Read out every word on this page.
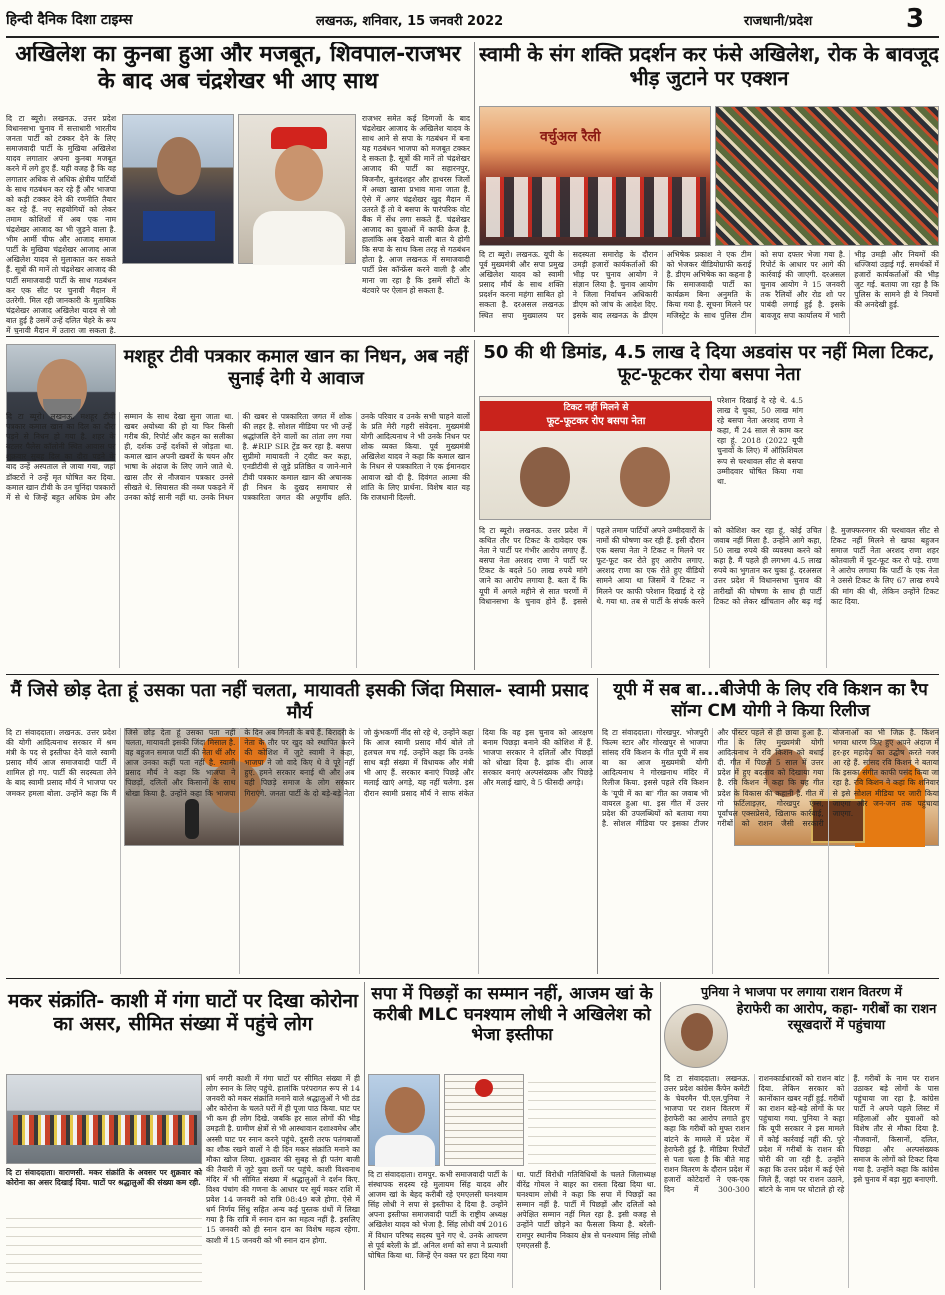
हिन्दी दैनिक दिशा टाइम्स	लखनऊ, शनिवार, 15 जनवरी 2022	राजधानी/प्रदेश	3
अखिलेश का कुनबा हुआ और मजबूत, शिवपाल-राजभर के बाद अब चंद्रशेखर भी आए साथ
दि टा ब्यूरो। लखनऊ. उत्तर प्रदेश विधानसभा चुनाव में सत्ताधारी भारतीय जनता पार्टी को टक्कर देने के लिए समाजवादी पार्टी के मुखिया अखिलेश यादव लगातार अपना कुनबा मजबूत करने में लगे हुए हैं. यही वजह है कि वह लगातार अधिक से अधिक क्षेत्रीय पार्टियों के साथ गठबंधन कर रहे हैं और भाजपा को कड़ी टक्कर देने की रणनीति तैयार कर रहे हैं. नए सहयोगियों को लेकर तमाम कोशिशों में अब एक नाम चंद्रशेखर आजाद का भी जुड़ने वाला है. भीम आर्मी चीफ और आजाद समाज पार्टी के मुखिया चंद्रशेखर आजाद आज अखिलेश यादव से मुलाकात कर सकते हैं. सूत्रों की मानें तो चंद्रशेखर आजाद की पार्टी समाजवादी पार्टी के साथ गठबंधन कर एक सीट पर चुनावी मैदान में उतरेगी. मिल रही जानकारी के मुताबिक चंद्रशेखर आजाद अखिलेश यादव से जो बात हुई है उसमें उन्हें दलित चेहरे के रूप में चुनावी मैदान में उतारा जा सकता है.
राजभर समेत कई दिग्गजों के बाद चंद्रशेखर आजाद के अखिलेश यादव के साथ आने से सपा के गठबंधन में बना यह गठबंधन भाजपा को मजबूत टक्कर दे सकता है. सूत्रों की मानें तो चंद्रशेखर आजाद की पार्टी का सहारनपुर, बिजनौर, बुलंदशहर और हाथरस जिलों में अच्छा खासा प्रभाव माना जाता है. ऐसे में अगर चंद्रशेखर खुद मैदान में उतरते हैं तो वे बसपा के पारंपरिक वोट बैंक में सेंध लगा सकते हैं. चंद्रशेखर आजाद का युवाओं में काफी क्रेज है. हालांकि अब देखने वाली बात ये होगी कि सपा के साथ किस तरह से गठबंधन होता है. आज लखनऊ में समाजवादी पार्टी प्रेस कॉन्फ्रेंस करने वाली है और माना जा रहा है कि इसमें सीटों के बंटवारे पर ऐलान हो सकता है.
स्वामी के संग शक्ति प्रदर्शन कर फंसे अखिलेश, रोक के बावजूद भीड़ जुटाने पर एक्शन
वर्चुअल रैली
दि टा ब्यूरो। लखनऊ. यूपी के पूर्व मुख्यमंत्री और सपा प्रमुख अखिलेश यादव को स्वामी प्रसाद मौर्य के साथ शक्ति प्रदर्शन करना महंगा साबित हो सकता है. दरअसल लखनऊ स्थित सपा मुख्यालय पर सदस्यता समारोह के दौरान उमड़ी हजारों कार्यकर्ताओं की भीड़ पर चुनाव आयोग ने संज्ञान लिया है. चुनाव आयोग ने जिला निर्वाचन अधिकारी डीएम को जांच के आदेश दिए. इसके बाद लखनऊ के डीएम अभिषेक प्रकाश ने एक टीम को भेजकर वीडियोग्राफी कराई है. डीएम अभिषेक का कहना है कि समाजवादी पार्टी का कार्यक्रम बिना अनुमति के किया गया है. सूचना मिलने पर मजिस्ट्रेट के साथ पुलिस टीम को सपा दफ्तर भेजा गया है. रिपोर्ट के आधार पर आगे की कार्रवाई की जाएगी. दरअसल चुनाव आयोग ने 15 जनवरी तक रैलियों और रोड शो पर पाबंदी लगाई हुई है. इसके बावजूद सपा कार्यालय में भारी भीड़ उमड़ी और नियमों की धज्जियां उड़ाई गईं. समर्थकों में हजारों कार्यकर्ताओं की भीड़ जुट गई. बताया जा रहा है कि पुलिस के सामने ही ये नियमों की अनदेखी हुई.
मशहूर टीवी पत्रकार कमाल खान का निधन, अब नहीं सुनाई देगी ये आवाज
दि टा ब्यूरो। लखनऊ. मशहूर टीवी पत्रकार कमाल खान का दिल का दौरा पड़ने से निधन हो गया है. शहर के बटलर पैलेस कॉलोनी स्थित आवास पर शुक्रवार सुबह दिल का दौरा पड़ने के बाद उन्हें अस्पताल ले जाया गया, जहां डॉक्टरों ने उन्हें मृत घोषित कर दिया. कमाल खान टीवी के उन चुनिंदा पत्रकारों में से थे जिन्हें बहुत अधिक प्रेम और सम्मान के साथ देखा सुना जाता था. खबर अयोध्या की हो या फिर किसी गरीब की, रिपोर्ट और कहन का सलीका ही, दर्शक उन्हें दर्शकों से जोड़ता था. कमाल खान अपनी खबरों के चयन और भाषा के अंदाज के लिए जाने जाते थे. खास तौर से नौजवान पत्रकार उनसे सीखते थे. सियासत की नब्ज पकड़ने में उनका कोई सानी नहीं था. उनके निधन की खबर से पत्रकारिता जगत में शोक की लहर है. सोशल मीडिया पर भी उन्हें श्रद्धांजलि देने वालों का तांता लग गया है. #RIP SIR ट्रेंड कर रहा है. बसपा सुप्रीमो मायावती ने ट्वीट कर कहा, एनडीटीवी से जुड़े प्रतिष्ठित व जाने-माने टीवी पत्रकार कमाल खान की अचानक ही निधन के दुखद समाचार से पत्रकारिता जगत की अपूर्णीय क्षति. उनके परिवार व उनके सभी चाहने वालों के प्रति मेरी गहरी संवेदना. मुख्यमंत्री योगी आदित्यनाथ ने भी उनके निधन पर शोक व्यक्त किया. पूर्व मुख्यमंत्री अखिलेश यादव ने कहा कि कमाल खान के निधन से पत्रकारिता ने एक ईमानदार आवाज खो दी है. दिवंगत आत्मा की शांति के लिए प्रार्थना. विशेष बात यह कि राजधानी दिल्ली.
50 की थी डिमांड, 4.5 लाख दे दिया अडवांस पर नहीं मिला टिकट, फूट-फूटकर रोया बसपा नेता
टिकट नहीं मिलने से
फूट-फूटकर रोए बसपा नेता
परेशान दिखाई दे रहे थे. 4.5 लाख दे चुका, 50 लाख मांग रहे बसपा नेता अरशद राणा ने कहा, मैं 24 साल से काम कर रहा हूं. 2018 (2022 यूपी चुनावों के लिए) में ऑफ़िशियल रूप से चरथावल सीट से बसपा उम्मीदवार घोषित किया गया था.
दि टा ब्यूरो। लखनऊ. उत्तर प्रदेश में कथित तौर पर टिकट के दावेदार एक नेता ने पार्टी पर गंभीर आरोप लगाए हैं. बसपा नेता अरशद राणा ने पार्टी पर टिकट के बदले 50 लाख रुपये मांगे जाने का आरोप लगाया है. बता दें कि यूपी में अगले महीने से सात चरणों में विधानसभा के चुनाव होने हैं. इससे पहले तमाम पार्टियों अपने उम्मीदवारों के नामों की घोषणा कर रही हैं. इसी दौरान एक बसपा नेता ने टिकट न मिलने पर फूट-फूट कर रोते हुए आरोप लगाए. अरशद राणा का एक रोते हुए वीडियो सामने आया था जिसमें वे टिकट न मिलने पर काफी परेशान दिखाई दे रहे थे. गया था. तब से पार्टी के संपर्क करने को कोशिश कर रहा हूं, कोई उचित जवाब नहीं मिला है. उन्होंने आगे कहा, 50 लाख रुपये की व्यवस्था करने को कहा है. मैं पहले ही लगभग 4.5 लाख रुपये का भुगतान कर चुका हूं. दरअसल उत्तर प्रदेश में विधानसभा चुनाव की तारीखों की घोषणा के साथ ही पार्टी टिकट को लेकर खींचतान और बढ़ गई है. मुजफ्फरनगर की चरथावल सीट से टिकट नहीं मिलने से खफा बहुजन समाज पार्टी नेता अरशद राणा शहर कोतवाली में फूट-फूट कर रो पड़े. राणा ने आरोप लगाया कि पार्टी के एक नेता ने उससे टिकट के लिए 67 लाख रुपये की मांग की थी, लेकिन उन्होंने टिकट काट दिया.
मैं जिसे छोड़ देता हूं उसका पता नहीं चलता, मायावती इसकी जिंदा मिसाल- स्वामी प्रसाद मौर्य
दि टा संवाददाता। लखनऊ. उत्तर प्रदेश की योगी आदित्यनाथ सरकार में श्रम मंत्री के पद से इस्तीफा देने वाले स्वामी प्रसाद मौर्य आज समाजवादी पार्टी में शामिल हो गए. पार्टी की सदस्यता लेने के बाद स्वामी प्रसाद मौर्य ने भाजपा पर जमकर हमला बोला. उन्होंने कहा कि मैं जिसे छोड़ देता हूं उसका पता नहीं चलता, मायावती इसकी जिंदा मिसाल है. वह बहुजन समाज पार्टी की नेता थीं और आज उनका कहीं पता नहीं है. स्वामी प्रसाद मौर्य ने कहा कि भाजपा ने पिछड़ों, दलितों और किसानों के साथ धोखा किया है. उन्होंने कहा कि भाजपा के दिन अब गिनती के बचे हैं. बिरादरी के नेता के तौर पर खुद को स्थापित करने की कोशिश में जुटे स्वामी ने कहा, भाजपा ने जो वादे किए थे वे पूरे नहीं हुए. हमने सरकार बनाई थी और अब यही पिछड़े समाज के लोग सरकार गिराएंगे. जनता पार्टी के दो बड़े-बड़े नेता जो कुंभकर्णी नींद सो रहे थे, उन्होंने कहा कि आज स्वामी प्रसाद मौर्य बोले तो हलचल मच गई. उन्होंने कहा कि उनके साथ बड़ी संख्या में विधायक और मंत्री भी आए हैं. सरकार बनाएं पिछड़े और मलाई खाएं अगड़े, यह नहीं चलेगा. इस दौरान स्वामी प्रसाद मौर्य ने साफ संकेत दिया कि वह इस चुनाव को आरक्षण बनाम पिछड़ा बनाने की कोशिश में हैं. भाजपा सरकार ने दलितों और पिछड़ों को धोखा दिया है. झांक दी। आज सरकार बनाएं अल्पसंख्यक और पिछड़े और मलाई खाएं, वे 5 फीसदी अगड़े।
यूपी में सब बा...बीजेपी के लिए रवि किशन का रैप सॉन्ग CM योगी ने किया रिलीज
दि टा संवाददाता। गोरखपुर. भोजपुरी फिल्म स्टार और गोरखपुर से भाजपा सांसद रवि किशन के गीत यूपी में सब बा का आज मुख्यमंत्री योगी आदित्यनाथ ने गोरखनाथ मंदिर में रिलीज किया. इससे पहले रवि किशन के 'यूपी में का बा' गीत का जवाब भी वायरल हुआ था. इस गीत में उत्तर प्रदेश की उपलब्धियों को बताया गया है. सोशल मीडिया पर इसका टीजर और पोस्टर पहले से ही छाया हुआ है. गीत के लिए मुख्यमंत्री योगी आदित्यनाथ ने रवि किशन को बधाई दी. गीत में पिछले 5 साल में उत्तर प्रदेश में हुए बदलाव को दिखाया गया है. रवि किशन ने कहा कि यह गीत प्रदेश के विकास की कहानी है. गीत में गो फर्टिलाइज़र, गोरखपुर एम्स, पूर्वांचल एक्सप्रेसवे, खिलाफ कार्रवाई, गरीबों को राशन जैसी सरकारी योजनाओं का भी जिक्र है. किशन भगवा धारण किए हुए अपने अंदाज में हर-हर महादेव का उद्घोष करते नजर आ रहे हैं. सांसद रवि किशन ने बताया कि इसका संगीत काफी पसंद किया जा रहा है. रवि किशन ने कहा कि शनिवार से इसे सोशल मीडिया पर जारी किया जाएगा और जन-जन तक पहुंचाया जाएगा.
मकर संक्रांति- काशी में गंगा घाटों पर दिखा कोरोना का असर, सीमित संख्या में पहुंचे लोग
दि टा संवाददाता। वाराणसी. मकर संक्रांति के अवसर पर शुक्रवार को कोरोना का असर दिखाई दिया. घाटों पर श्रद्धालुओं की संख्या कम रही.
धर्म नगरी काशी में गंगा घाटों पर सीमित संख्या में ही लोग स्नान के लिए पहुंचे. हालांकि परंपरागत रूप से 14 जनवरी को मकर संक्रांति मनाने वाले श्रद्धालुओं ने भी ठंड और कोरोना के चलते घरों में ही पूजा पाठ किया. घाट पर भी कम ही लोग दिखे. जबकि हर साल लोगों की भीड़ उमड़ती है. ग्रामीण क्षेत्रों से भी आस्थावान दशाश्वमेध और अस्सी घाट पर स्नान करने पहुंचे. दूसरी तरफ पतंगबाजों का शौक रखने वालों ने दी दिन मकर संक्रांति मनाने का मौका खोज लिया. शुक्रवार की सुबह से ही पतंग बाजी की तैयारी में जुटे युवा छतों पर पहुंचे. काशी विश्वनाथ मंदिर में भी सीमित संख्या में श्रद्धालुओं ने दर्शन किए. विश्व पंचांग की गणना के आधार पर सूर्य मकर राशि में प्रवेश 14 जनवरी को रात्रि 08:49 बजे होगा. ऐसे में धर्म निर्णय सिंधु सहित अन्य कई पुस्तक ग्रंथों में लिखा गया है कि रात्रि में स्नान दान का महत्व नहीं है. इसलिए 15 जनवरी को ही स्नान दान का विशेष महत्व रहेगा. काशी में 15 जनवरी को भी स्नान दान होगा.
सपा में पिछड़ों का सम्मान नहीं, आजम खां के करीबी MLC घनश्याम लोधी ने अखिलेश को भेजा इस्तीफा
दि टा संवाददाता। रामपुर. कभी समाजवादी पार्टी के संस्थापक सदस्य रहे मुलायम सिंह यादव और आजम खां के बेहद करीबी रहे एमएलसी घनश्याम सिंह लोधी ने सपा से इस्तीफा दे दिया है. उन्होंने अपना इस्तीफा समाजवादी पार्टी के राष्ट्रीय अध्यक्ष अखिलेश यादव को भेजा है. सिंह लोधी वर्ष 2016 में विधान परिषद सदस्य चुने गए थे. उनके आचरण से पूर्व बरेली के डॉ. अनिल शर्मा को सपा ने प्रत्याशी घोषित किया था. जिन्हें ऐन वक्त पर हटा दिया गया था. पार्टी विरोधी गतिविधियों के चलते जिलाध्यक्ष वीरेंद्र गोयल ने बाहर का रास्ता दिखा दिया था. घनश्याम लोधी ने कहा कि सपा में पिछड़ों का सम्मान नहीं है. पार्टी में पिछड़ों और दलितों को अपेक्षित सम्मान नहीं मिल रहा है. इसी वजह से उन्होंने पार्टी छोड़ने का फैसला किया है. बरेली-रामपुर स्थानीय निकाय क्षेत्र से घनश्याम सिंह लोधी एमएलसी हैं.
पुनिया ने भाजपा पर लगाया राशन वितरण में
हेराफेरी का आरोप, कहा- गरीबों का राशन रसूखदारों में पहुंचाया
दि टा संवाददाता। लखनऊ. उत्तर प्रदेश कांग्रेस कैंपेन कमेटी के चेयरमैन पी.एल.पुनिया ने भाजपा पर राशन वितरण में हेराफेरी का आरोप लगाते हुए कहा कि गरीबों को मुफ्त राशन बांटने के मामले में प्रदेश में हेराफेरी हुई है. मीडिया रिपोर्टों से पता चला है कि बीते माह राशन वितरण के दौरान प्रदेश में हजारों कोटेदारों ने एक-एक दिन में 300-300 राशनकार्डधारकों को राशन बांट दिया. लेकिन सरकार को कानोंकान खबर नहीं हुई. गरीबों का राशन बड़े-बड़े लोगों के घर पहुंचाया गया. पुनिया ने कहा कि यूपी सरकार ने इस मामले में कोई कार्रवाई नहीं की. पूरे प्रदेश में गरीबों के राशन की चोरी की जा रही है. उन्होंने कहा कि उत्तर प्रदेश में कई ऐसे जिले हैं, जहां पर राशन उठाने, बांटने के नाम पर घोटाले हो रहे हैं. गरीबों के नाम पर राशन उठाकर बड़े लोगों के पास पहुंचाया जा रहा है. कांग्रेस पार्टी ने अपने पहले लिस्ट में महिलाओं और युवाओं को विशेष तौर से मौका दिया है. नौजवानों, किसानों, दलित, पिछड़ा और अल्पसंख्यक समाज के लोगों को टिकट दिया गया है. उन्होंने कहा कि कांग्रेस इसे चुनाव में बड़ा मुद्दा बनाएगी.
